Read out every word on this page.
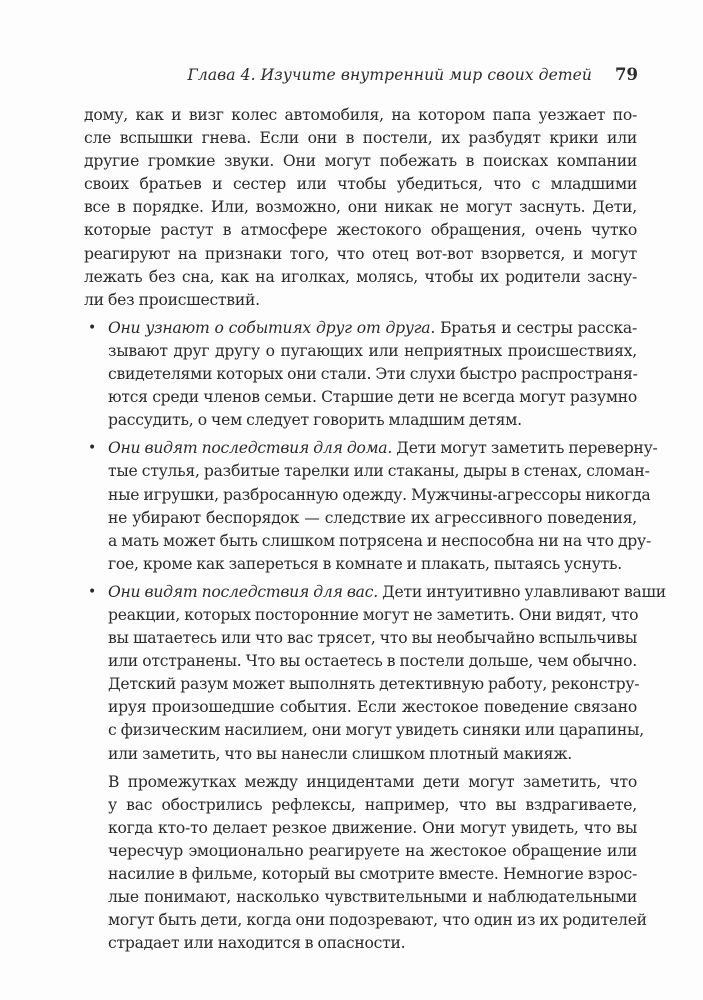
Глава 4. Изучите внутренний мир своих детей 79
дому, как и визг колес автомобиля, на котором папа уезжает по-
сле вспышки гнева. Если они в постели, их разбудят крики или
другие громкие звуки. Они могут побежать в поисках компании
своих братьев и сестер или чтобы убедиться, что с младшими
все в порядке. Или, возможно, они никак не могут заснуть. Дети,
которые растут в атмосфере жестокого обращения, очень чутко
реагируют на признаки того, что отец вот-вот взорвется, и могут
лежать без сна, как на иголках, молясь, чтобы их родители засну-
ли без происшествий.
• Они узнают о событиях друг от друга. Братья и сестры расска-
зывают друг другу о пугающих или неприятных происшествиях,
свидетелями которых они стали. Эти слухи быстро распространя-
ются среди членов семьи. Старшие дети не всегда могут разумно
рассудить, о чем следует говорить младшим детям.
• Они видят последствия для дома. Дети могут заметить переверну-
тые стулья, разбитые тарелки или стаканы, дыры в стенах, сломан-
ные игрушки, разбросанную одежду. Мужчины-агрессоры никогда
не убирают беспорядок — следствие их агрессивного поведения,
а мать может быть слишком потрясена и неспособна ни на что дру-
гое, кроме как запереться в комнате и плакать, пытаясь уснуть.
• Они видят последствия для вас. Дети интуитивно улавливают ваши
реакции, которых посторонние могут не заметить. Они видят, что
вы шатаетесь или что вас трясет, что вы необычайно вспыльчивы
или отстранены. Что вы остаетесь в постели дольше, чем обычно.
Детский разум может выполнять детективную работу, реконстру-
ируя произошедшие события. Если жестокое поведение связано
с физическим насилием, они могут увидеть синяки или царапины,
или заметить, что вы нанесли слишком плотный макияж.
В промежутках между инцидентами дети могут заметить, что
у вас обострились рефлексы, например, что вы вздрагиваете,
когда кто-то делает резкое движение. Они могут увидеть, что вы
чересчур эмоционально реагируете на жестокое обращение или
насилие в фильме, который вы смотрите вместе. Немногие взрос-
лые понимают, насколько чувствительными и наблюдательными
могут быть дети, когда они подозревают, что один из их родителей
страдает или находится в опасности.
